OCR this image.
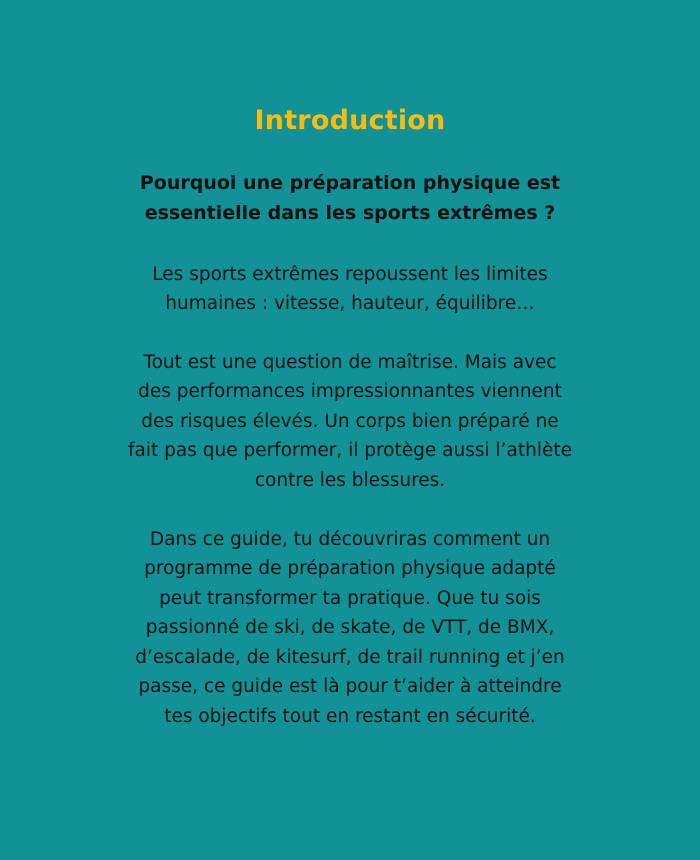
Introduction
Pourquoi une préparation physique est
essentielle dans les sports extrêmes ?

Les sports extrêmes repoussent les limites
humaines : vitesse, hauteur, équilibre…

Tout est une question de maîtrise. Mais avec
des performances impressionnantes viennent
des risques élevés. Un corps bien préparé ne
fait pas que performer, il protège aussi l’athlète
contre les blessures.

Dans ce guide, tu découvriras comment un
programme de préparation physique adapté
peut transformer ta pratique. Que tu sois
passionné de ski, de skate, de VTT, de BMX,
d’escalade, de kitesurf, de trail running et j’en
passe, ce guide est là pour t’aider à atteindre
tes objectifs tout en restant en sécurité.
